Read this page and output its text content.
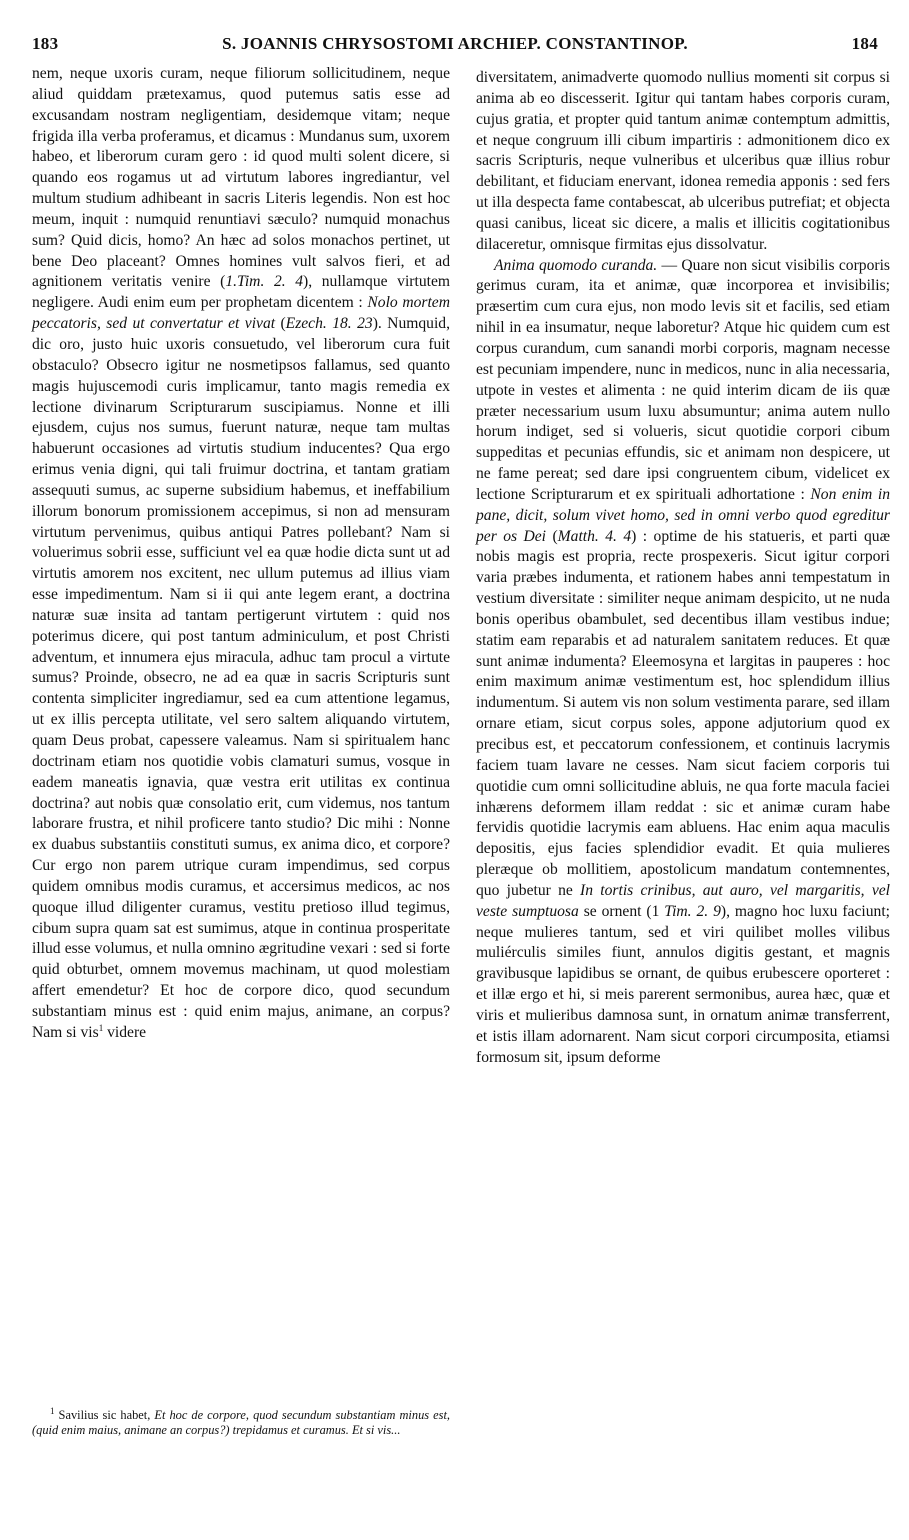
183	S. JOANNIS CHRYSOSTOMI ARCHIEP. CONSTANTINOP.	184

nem, neque uxoris curam, neque filiorum sollicitudinem, neque aliud quiddam prætexamus, quod putemus satis esse ad excusandam nostram negligentiam, desidemque vitam; neque frigida illa verba proferamus, et dicamus : Mundanus sum, uxorem habeo, et liberorum curam gero : id quod multi solent dicere, si quando eos rogamus ut ad virtutum labores ingrediantur, vel multum studium adhibeant in sacris Literis legendis. Non est hoc meum, inquit : numquid renuntiavi sæculo? numquid monachus sum? Quid dicis, homo? An hæc ad solos monachos pertinet, ut bene Deo placeant? Omnes homines vult salvos fieri, et ad agnitionem veritatis venire (1.Tim. 2. 4), nullamque virtutem negligere. Audi enim eum per prophetam dicentem : Nolo mortem peccatoris, sed ut convertatur et vivat (Ezech. 18. 23). Numquid, dic oro, justo huic uxoris consuetudo, vel liberorum cura fuit obstaculo? Obsecro igitur ne nosmetipsos fallamus, sed quanto magis hujuscemodi curis implicamur, tanto magis remedia ex lectione divinarum Scripturarum suscipiamus. Nonne et illi ejusdem, cujus nos sumus, fuerunt naturæ, neque tam multas habuerunt occasiones ad virtutis studium inducentes? Qua ergo erimus venia digni, qui tali fruimur doctrina, et tantam gratiam assequuti sumus, ac superne subsidium habemus, et ineffabilium illorum bonorum promissionem accepimus, si non ad mensuram virtutum pervenimus, quibus antiqui Patres pollebant? Nam si voluerimus sobrii esse, sufficiunt vel ea quæ hodie dicta sunt ut ad virtutis amorem nos excitent, nec ullum putemus ad illius viam esse impedimentum. Nam si ii qui ante legem erant, a doctrina naturæ suæ insita ad tantam pertigerunt virtutem : quid nos poterimus dicere, qui post tantum adminiculum, et post Christi adventum, et innumera ejus miracula, adhuc tam procul a virtute sumus? Proinde, obsecro, ne ad ea quæ in sacris Scripturis sunt contenta simpliciter ingrediamur, sed ea cum attentione legamus, ut ex illis percepta utilitate, vel sero saltem aliquando virtutem, quam Deus probat, capessere valeamus. Nam si spiritualem hanc doctrinam etiam nos quotidie vobis clamaturi sumus, vosque in eadem maneatis ignavia, quæ vestra erit utilitas ex continua doctrina? aut nobis quæ consolatio erit, cum videmus, nos tantum laborare frustra, et nihil proficere tanto studio? Dic mihi : Nonne ex duabus substantiis constituti sumus, ex anima dico, et corpore? Cur ergo non parem utrique curam impendimus, sed corpus quidem omnibus modis curamus, et accersimus medicos, ac nos quoque illud diligenter curamus, vestitu pretioso illud tegimus, cibum supra quam sat est sumimus, atque in continua prosperitate illud esse volumus, et nulla omnino ægritudine vexari : sed si forte quid obturbet, omnem movemus machinam, ut quod molestiam affert emendetur? Et hoc de corpore dico, quod secundum substantiam minus est : quid enim majus, animane, an corpus? Nam si vis$^1$ videre

$^1$ Savilius sic habet, Et hoc de corpore, quod secundum substantiam minus est, (quid enim maius, animane an corpus?) trepidamus et curamus. Et si vis...

diversitatem, animadverte quomodo nullius momenti sit corpus si anima ab eo discesserit. Igitur qui tantam habes corporis curam, cujus gratia, et propter quid tantum animæ contemptum admittis, et neque congruum illi cibum impartiris : admonitionem dico ex sacris Scripturis, neque vulneribus et ulceribus quæ illius robur debilitant, et fiduciam enervant, idonea remedia apponis : sed fers ut illa despecta fame contabescat, ab ulceribus putrefiat; et objecta quasi canibus, liceat sic dicere, a malis et illicitis cogitationibus dilaceretur, omnisque firmitas ejus dissolvatur.

Anima quomodo curanda. — Quare non sicut visibilis corporis gerimus curam, ita et animæ, quæ incorporea et invisibilis; præsertim cum cura ejus, non modo levis sit et facilis, sed etiam nihil in ea insumatur, neque laboretur? Atque hic quidem cum est corpus curandum, cum sanandi morbi corporis, magnam necesse est pecuniam impendere, nunc in medicos, nunc in alia necessaria, utpote in vestes et alimenta : ne quid interim dicam de iis quæ præter necessarium usum luxu absumuntur; anima autem nullo horum indiget, sed si volueris, sicut quotidie corpori cibum suppeditas et pecunias effundis, sic et animam non despicere, ut ne fame pereat; sed dare ipsi congruentem cibum, videlicet ex lectione Scripturarum et ex spirituali adhortatione : Non enim in pane, dicit, solum vivet homo, sed in omni verbo quod egreditur per os Dei (Matth. 4. 4) : optime de his statueris, et parti quæ nobis magis est propria, recte prospexeris. Sicut igitur corpori varia præbes indumenta, et rationem habes anni tempestatum in vestium diversitate : similiter neque animam despicito, ut ne nuda bonis operibus obambulet, sed decentibus illam vestibus indue; statim eam reparabis et ad naturalem sanitatem reduces. Et quæ sunt animæ indumenta? Eleemosyna et largitas in pauperes : hoc enim maximum animæ vestimentum est, hoc splendidum illius indumentum. Si autem vis non solum vestimenta parare, sed illam ornare etiam, sicut corpus soles, appone adjutorium quod ex precibus est, et peccatorum confessionem, et continuis lacrymis faciem tuam lavare ne cesses. Nam sicut faciem corporis tui quotidie cum omni sollicitudine abluis, ne qua forte macula faciei inhærens deformem illam reddat : sic et animæ curam habe fervidis quotidie lacrymis eam abluens. Hac enim aqua maculis depositis, ejus facies splendidior evadit. Et quia mulieres pleræque ob mollitiem, apostolicum mandatum contemnentes, quo jubetur ne In tortis crinibus, aut auro, vel margaritis, vel veste sumptuosa se ornent (1 Tim. 2. 9), magno hoc luxu faciunt; neque mulieres tantum, sed et viri quilibet molles vilibus muliérculis similes fiunt, annulos digitis gestant, et magnis gravibusque lapidibus se ornant, de quibus erubescere oporteret : et illæ ergo et hi, si meis parerent sermonibus, aurea hæc, quæ et viris et mulieribus damnosa sunt, in ornatum animæ transferrent, et istis illam adornarent. Nam sicut corpori circumposita, etiamsi formosum sit, ipsum deforme
